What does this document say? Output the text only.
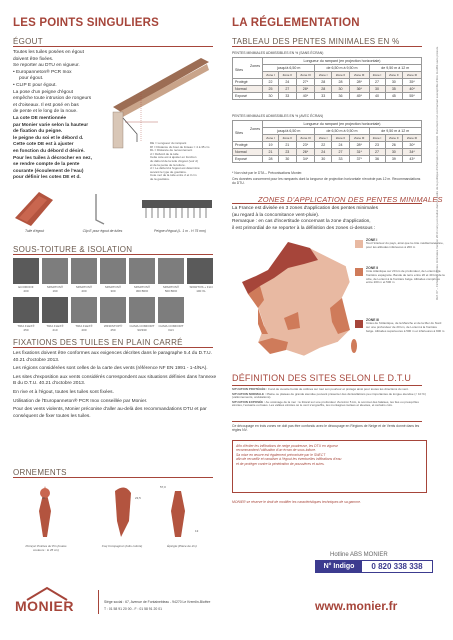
LES POINTS SINGULIERS
ÉGOUT
Toutes les tuiles posées en égout
doivent être fixées.
Se reporter au DTU en vigueur.
• Europanneton® PCR Inox
pour égout.
• CLIP E pour égout.
La pose d'un peigne d'égout
empêche toute intrusion de rongeurs
et d'oiseaux. Il est posé en bas
de pente et le long de la noue.
La cote DE mentionnée
par Monier varie selon la hauteur
de fixation du peigne.
le peigne du soi et le débord d.
Cette cote DE est à ajuster
en fonction du débord d désiré.
Pour les tuiles à décrocher en nez,
se rendre compte de la pente
courante (écoulement de l'eau)
pour définir les cotes DE et d.
DE = Longueur du rampant
Df = Distance du bout de linteau = 4 à 35 cm
DL = Distance de recouvrement
d = Débord de la tuile
Cette cote est à ajuster en fonction
du débord de la tuile d'égout (voir d)
et de la pente de la toiture.
d = Le débord à l'égout est déterminé
suivant le type de gouttière.
Cote nez de la tuile entre 2 et 3 cm
de la gouttière.
Tuile d'égout	Clip E pour égout de tuiles	Peigne d'égout (L. 1 m - H 75 mm)
SOUS-TOITURE & ISOLATION
ECOROOF
200
SPARTOS®
190
SPARTOS®
200
SPARTOS®
300
SPARTOS®
300 BRO
SPARTOS®
500 BRO
SPARTOS + FLN
100 XL
TRIA FLEX®
250
TRIA FLEX®
210
TRIA FLEX®
200
WINDSTOP®
250
CLIMA COMFORT
90/330
CLIMA COMFORT
IGN
FIXATIONS DES TUILES EN PLAIN CARRÉ
Les fixations doivent être conformes aux exigences décrites dans le paragraphe 5.4 du D.T.U. 40.21 d'octobre 2013.
Les régions considérées sont celles de la carte des vents (référence NF EN 1991 - 1-4/NA).
Les sites d'exposition aux vents considérés correspondent aux situations définies dans l'annexe B du D.T.U. 40.21 d'octobre 2013.
En rive et à l'égout, toutes les tuiles sont fixées.
Utilisation de l'Europanneton® PCR Inox conseillée par Monier.
Pour des vents violents, Monier préconise d'aller au-delà des recommandations DTU et par conséquent de fixer toutes les tuiles.
ORNEMENTS
30	23,5
57,0
13
Poinçon Pointes du Pin (toutes couleurs : H 45 cm)
Coq Compagnon (toits coloris)	Épingle (Pièce de 2m)
LA RÉGLEMENTATION
TABLEAU DES PENTES MINIMALES EN %
PENTES MINIMALES ADMISSIBLES EN % (SANS ÉCRAN)
Zones
Sites	Longueur du rampant (en projection horizontale)								
	jusqu'à 6,50 m			de 6,50 m à 9,50 m			de 9,50 m à 12 m		
	Zone I	Zone II	Zone III	Zone I	Zone II	Zone III	Zone I	Zone II	Zone III
Protégé	22	24	27*	28	28	28*	27	30	35*
Normal	25	27	28*	28	30	36*	30	35	40*
Exposé	30	33	40*	33	36	45*	40	45	55*
PENTES MINIMALES ADMISSIBLES EN % (AVEC ÉCRAN)
Zones
Sites	Longueur du rampant (en projection horizontale)								
	jusqu'à 6,50 m			de 6,50 m à 9,50 m			de 9,50 m à 12 m		
	Zone I	Zone II	Zone III	Zone I	Zone II	Zone III	Zone I	Zone II	Zone III
Protégé	19	21	23*	22	24	28*	23	26	30*
Normal	21	23	26*	24	27	31*	27	30	34*
Exposé	28	30	34*	30	33	37*	36	39	43*
* Non visé par le DTA – Préconisations Monier.
Ces données concernent pour les rampants dont la longueur de projection horizontale n'excède pas 12 m. Recommandations du DTU.
ZONES D'APPLICATION DES PENTES MINIMALES
La France est divisée en 3 zones d'application des pentes minimales
(au regard à la concomitance vent-pluie).
Remarque : en cas d'incertitude concernant la zone d'application,
il est primordial de se reporter à la définition des zones ci-dessous :
ZONE I
Tout l'intérieur du pays, ainsi que la côte méditerranéenne, pour les altitudes inférieures à 200 m
ZONE II
Côte Atlantique sur 20 km de profondeur, de Lorient à la frontière espagnole. Bande de terre entre 20 et 40 km de la côte, de Lorient à la frontière belge. Altitudes comprises entre 200 m et 500 m
ZONE III
Côtes de l'Atlantique, de la Manche et de la Mer du Nord sur une profondeur de 20 km, de Lorient à la frontière belge. Altitudes supérieures à 500 m et inférieures à 900 m
DÉFINITION DES SITES SELON LE D.T.U
SITUATION PROTÉGÉE : Fond de cuvette bordé de collines sur tout son pourtour et protégé ainsi pour toutes les directions du vent.
SITUATION NORMALE : Plaine ou plateau de grande étendue pouvant présenter des dénivellations peu importantes de longue étendue (< 10 %) (vallonnements, ondulations).
SITUATION EXPOSÉE : Au voisinage de la mer : le littoral sur une profondeur d'environ 5 km, le sommet des falaises, les îles ou presqu'îles étroites, l'estuaire ou baies. Les vallées étroites où le vent s'engouffre, les montagnes isolées et élevées, et certains cols.
Ce découpage en trois zones ne doit pas être confondu avec le découpage en Régions de Neige et de Vents donné dans les règles NV.
Afin d'éviter les infiltrations de neige poudreuse, les DTU en vigueur
recommandent l'utilisation d'un écran de sous-toiture.
Sa mise en œuvre est également préconisée par le SNECT
afin de recueillir et canaliser à l'égout les éventuelles infiltrations d'eau
et de protéger contre la pénétration de poussières et suies.
MONIER se réserve le droit de modifier les caractéristiques techniques de sa gamme.
Hotline ABS MONIER
N° Indigo	0 820 338 338
MONIER	Siège social : 67, Avenue de Fontainebleau - 94270 Le Kremlin-Bicêtre
T : 01 58 91 20 00 - F : 01 58 91 20 01	www.monier.fr
Réf. 07 – Fiche des pentes minimales Version 2014 conçu et réalisé dans le cadre de la politique d'information de la société. Document non contractuel susceptible d'être modifié sans préavis.
